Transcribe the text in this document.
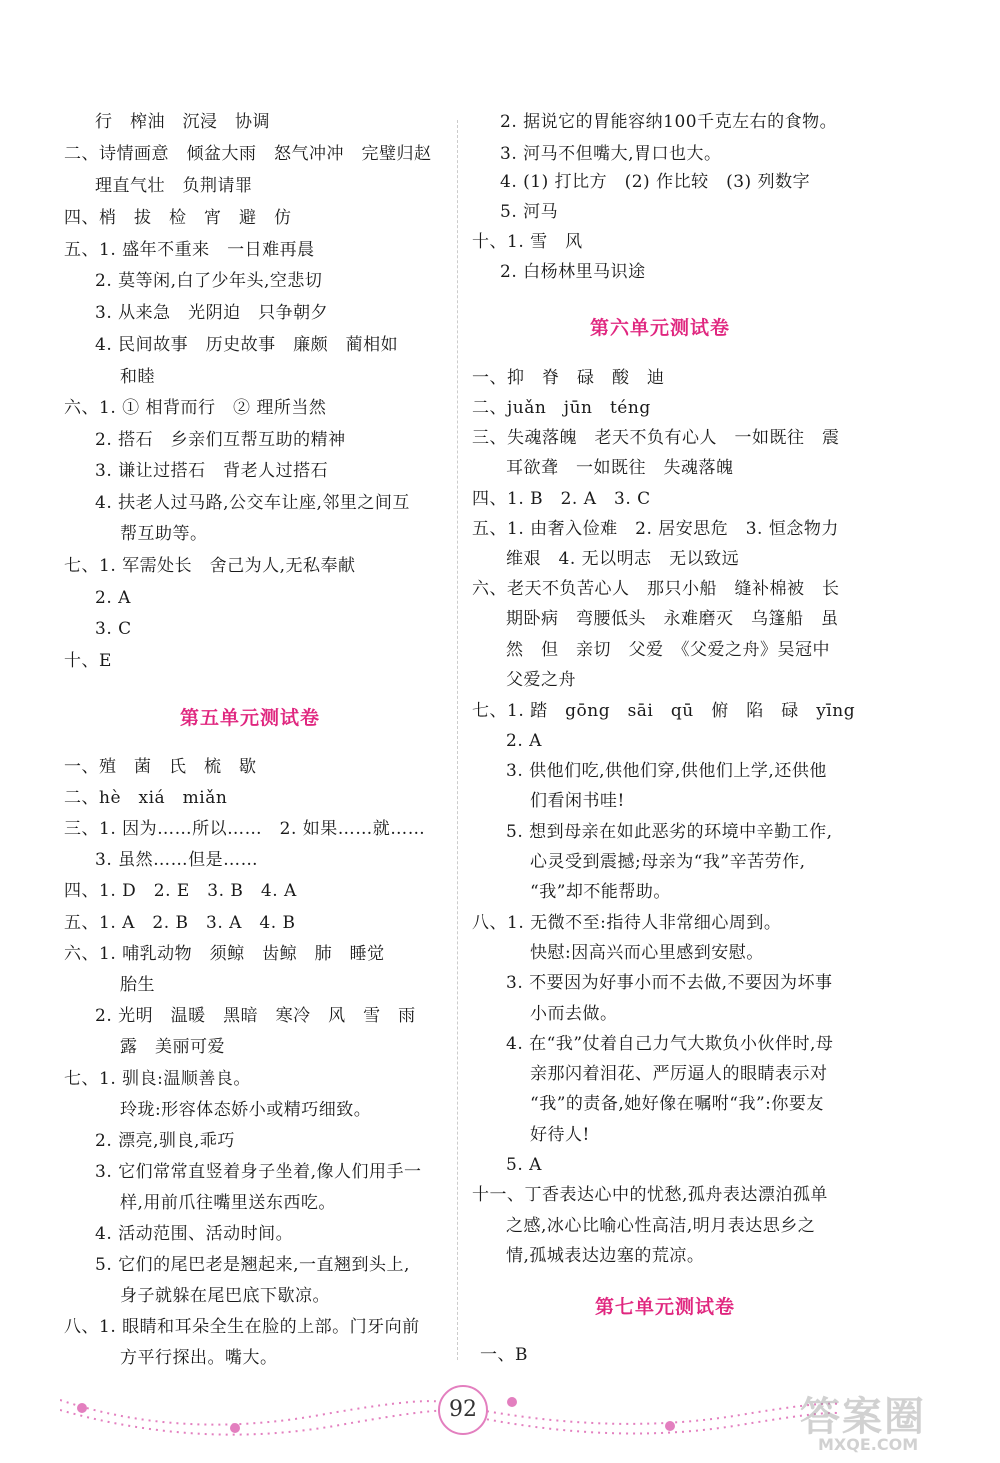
行　榨油　沉浸　协调
二、诗情画意　倾盆大雨　怒气冲冲　完璧归赵
理直气壮　负荆请罪
四、梢　拔　检　宵　避　仿
五、1. 盛年不重来　一日难再晨
2. 莫等闲,白了少年头,空悲切
3. 从来急　光阴迫　只争朝夕
4. 民间故事　历史故事　廉颇　蔺相如
和睦
六、1. ① 相背而行　② 理所当然
2. 搭石　乡亲们互帮互助的精神
3. 谦让过搭石　背老人过搭石
4. 扶老人过马路,公交车让座,邻里之间互
帮互助等。
七、1. 军需处长　舍己为人,无私奉献
2. A
3. C
十、E
第五单元测试卷
一、殖　菌　氏　梳　歇
二、hè　xiá　miǎn
三、1. 因为……所以……　2. 如果……就……
3. 虽然……但是……
四、1. D　2. E　3. B　4. A
五、1. A　2. B　3. A　4. B
六、1. 哺乳动物　须鲸　齿鲸　肺　睡觉
胎生
2. 光明　温暖　黑暗　寒冷　风　雪　雨
露　美丽可爱
七、1. 驯良:温顺善良。
玲珑:形容体态娇小或精巧细致。
2. 漂亮,驯良,乖巧
3. 它们常常直竖着身子坐着,像人们用手一
样,用前爪往嘴里送东西吃。
4. 活动范围、活动时间。
5. 它们的尾巴老是翘起来,一直翘到头上,
身子就躲在尾巴底下歇凉。
八、1. 眼睛和耳朵全生在脸的上部。门牙向前
方平行探出。嘴大。
2. 据说它的胃能容纳100千克左右的食物。
3. 河马不但嘴大,胃口也大。
4. (1) 打比方　(2) 作比较　(3) 列数字
5. 河马
十、1. 雪　风
2. 白杨林里马识途
第六单元测试卷
一、抑　脊　碌　酸　迪
二、juǎn　jūn　téng
三、失魂落魄　老天不负有心人　一如既往　震
耳欲聋　一如既往　失魂落魄
四、1. B　2. A　3. C
五、1. 由奢入俭难　2. 居安思危　3. 恒念物力
维艰　4. 无以明志　无以致远
六、老天不负苦心人　那只小船　缝补棉被　长
期卧病　弯腰低头　永难磨灭　乌篷船　虽
然　但　亲切　父爱　《父爱之舟》吴冠中
父爱之舟
七、1. 踏　gōng　sāi　qū　俯　陷　碌　yīng
2. A
3. 供他们吃,供他们穿,供他们上学,还供他
们看闲书哇!
5. 想到母亲在如此恶劣的环境中辛勤工作,
心灵受到震撼;母亲为“我”辛苦劳作,
“我”却不能帮助。
八、1. 无微不至:指待人非常细心周到。
快慰:因高兴而心里感到安慰。
3. 不要因为好事小而不去做,不要因为坏事
小而去做。
4. 在“我”仗着自己力气大欺负小伙伴时,母
亲那闪着泪花、严厉逼人的眼睛表示对
“我”的责备,她好像在嘱咐“我”:你要友
好待人!
5. A
十一、丁香表达心中的忧愁,孤舟表达漂泊孤单
之感,冰心比喻心性高洁,明月表达思乡之
情,孤城表达边塞的荒凉。
第七单元测试卷
一、B
92	答案圈
MXQE.COM
